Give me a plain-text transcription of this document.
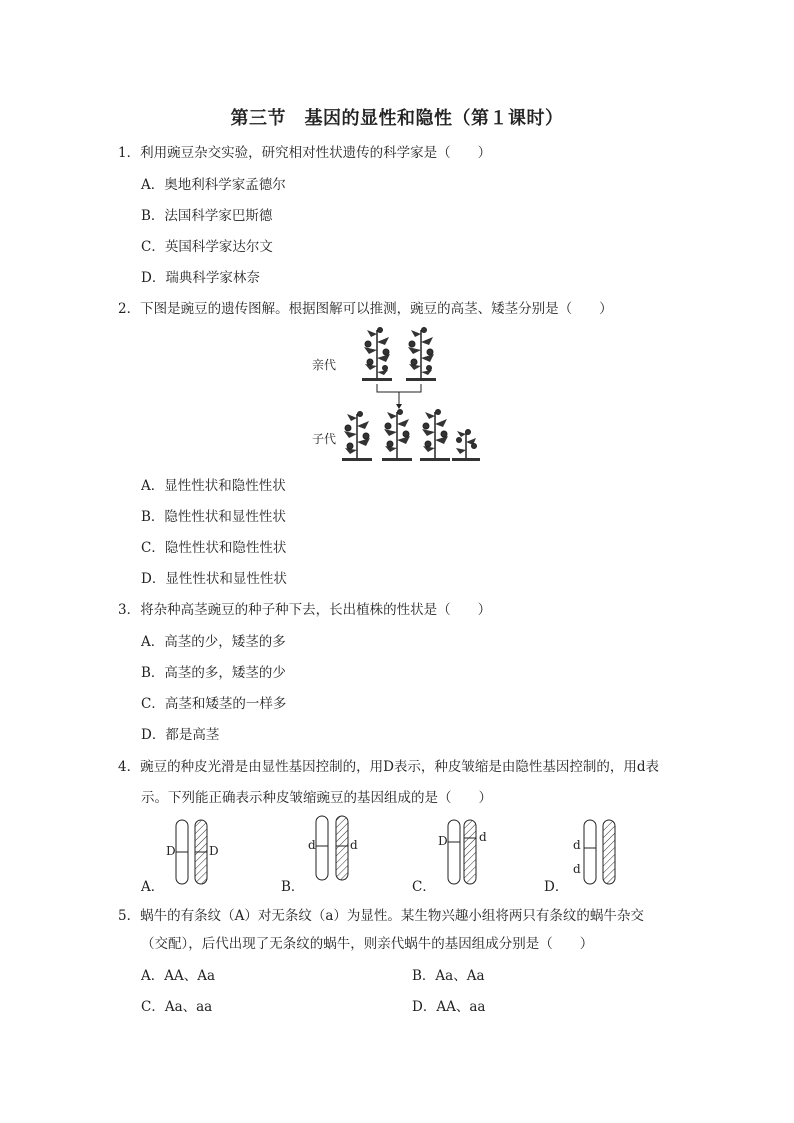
第三节　基因的显性和隐性（第１课时）
1．利用豌豆杂交实验，研究相对性状遗传的科学家是（　　）
A．奥地利科学家孟德尔
B．法国科学家巴斯德
C．英国科学家达尔文
D．瑞典科学家林奈
2．下图是豌豆的遗传图解。根据图解可以推测，豌豆的高茎、矮茎分别是（　　）
亲代
子代
A．显性性状和隐性性状
B．隐性性状和显性性状
C．隐性性状和隐性性状
D．显性性状和显性性状
3．将杂种高茎豌豆的种子种下去，长出植株的性状是（　　）
A．高茎的少，矮茎的多
B．高茎的多，矮茎的少
C．高茎和矮茎的一样多
D．都是高茎
4．豌豆的种皮光滑是由显性基因控制的，用D表示，种皮皱缩是由隐性基因控制的，用d表
示。下列能正确表示种皮皱缩豌豆的基因组成的是（　　）
A．
D	D
B．
d	d
C．
D	d
D．
d
d
5．蜗牛的有条纹（A）对无条纹（a）为显性。某生物兴趣小组将两只有条纹的蜗牛杂交
（交配），后代出现了无条纹的蜗牛，则亲代蜗牛的基因组成分别是（　　）
A．AA、Aa	B．Aa、Aa
C．Aa、aa	D．AA、aa
